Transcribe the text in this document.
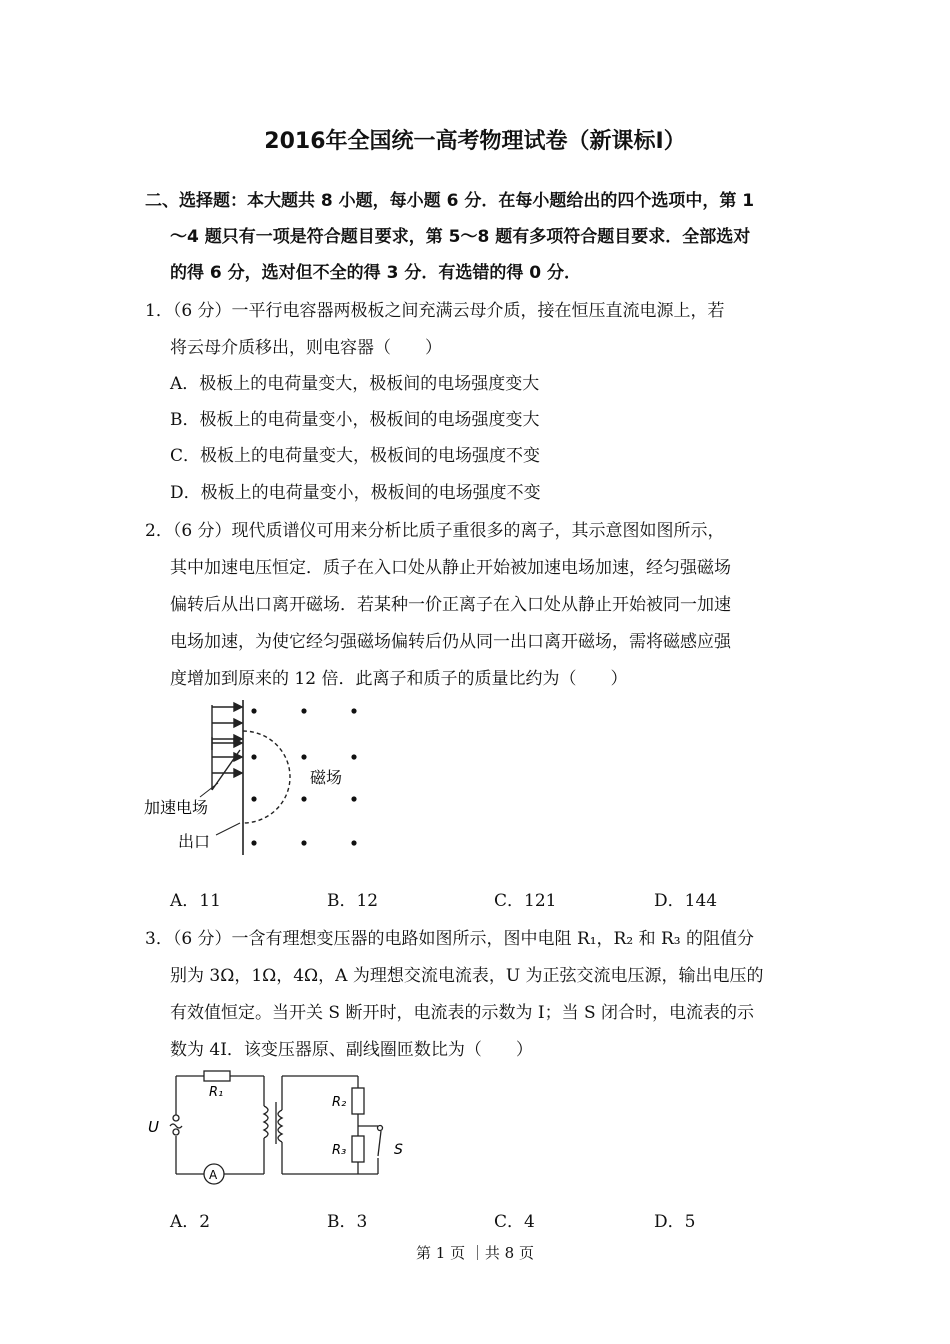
2016年全国统一高考物理试卷（新课标Ⅰ）
二、选择题：本大题共 8 小题，每小题 6 分．在每小题给出的四个选项中，第 1
～4 题只有一项是符合题目要求，第 5～8 题有多项符合题目要求．全部选对
的得 6 分，选对但不全的得 3 分．有选错的得 0 分．
1．（6 分）一平行电容器两极板之间充满云母介质，接在恒压直流电源上，若
将云母介质移出，则电容器（　　）
A．极板上的电荷量变大，极板间的电场强度变大
B．极板上的电荷量变小，极板间的电场强度变大
C．极板上的电荷量变大，极板间的电场强度不变
D．极板上的电荷量变小，极板间的电场强度不变
2．（6 分）现代质谱仪可用来分析比质子重很多的离子，其示意图如图所示，
其中加速电压恒定．质子在入口处从静止开始被加速电场加速，经匀强磁场
偏转后从出口离开磁场．若某种一价正离子在入口处从静止开始被同一加速
电场加速，为使它经匀强磁场偏转后仍从同一出口离开磁场，需将磁感应强
度增加到原来的 12 倍．此离子和质子的质量比约为（　　）
磁场
加速电场
出口
A．11	B．12	C．121	D．144
3．（6 分）一含有理想变压器的电路如图所示，图中电阻 R₁，R₂ 和 R₃ 的阻值分
别为 3Ω，1Ω，4Ω，A 为理想交流电流表，U 为正弦交流电压源，输出电压的
有效值恒定。当开关 S 断开时，电流表的示数为 I；当 S 闭合时，电流表的示
数为 4I．该变压器原、副线圈匝数比为（　　）
R₁
R₂
R₃
U
S
A
A．2	B．3	C．4	D．5
第 1 页 ｜共 8 页
